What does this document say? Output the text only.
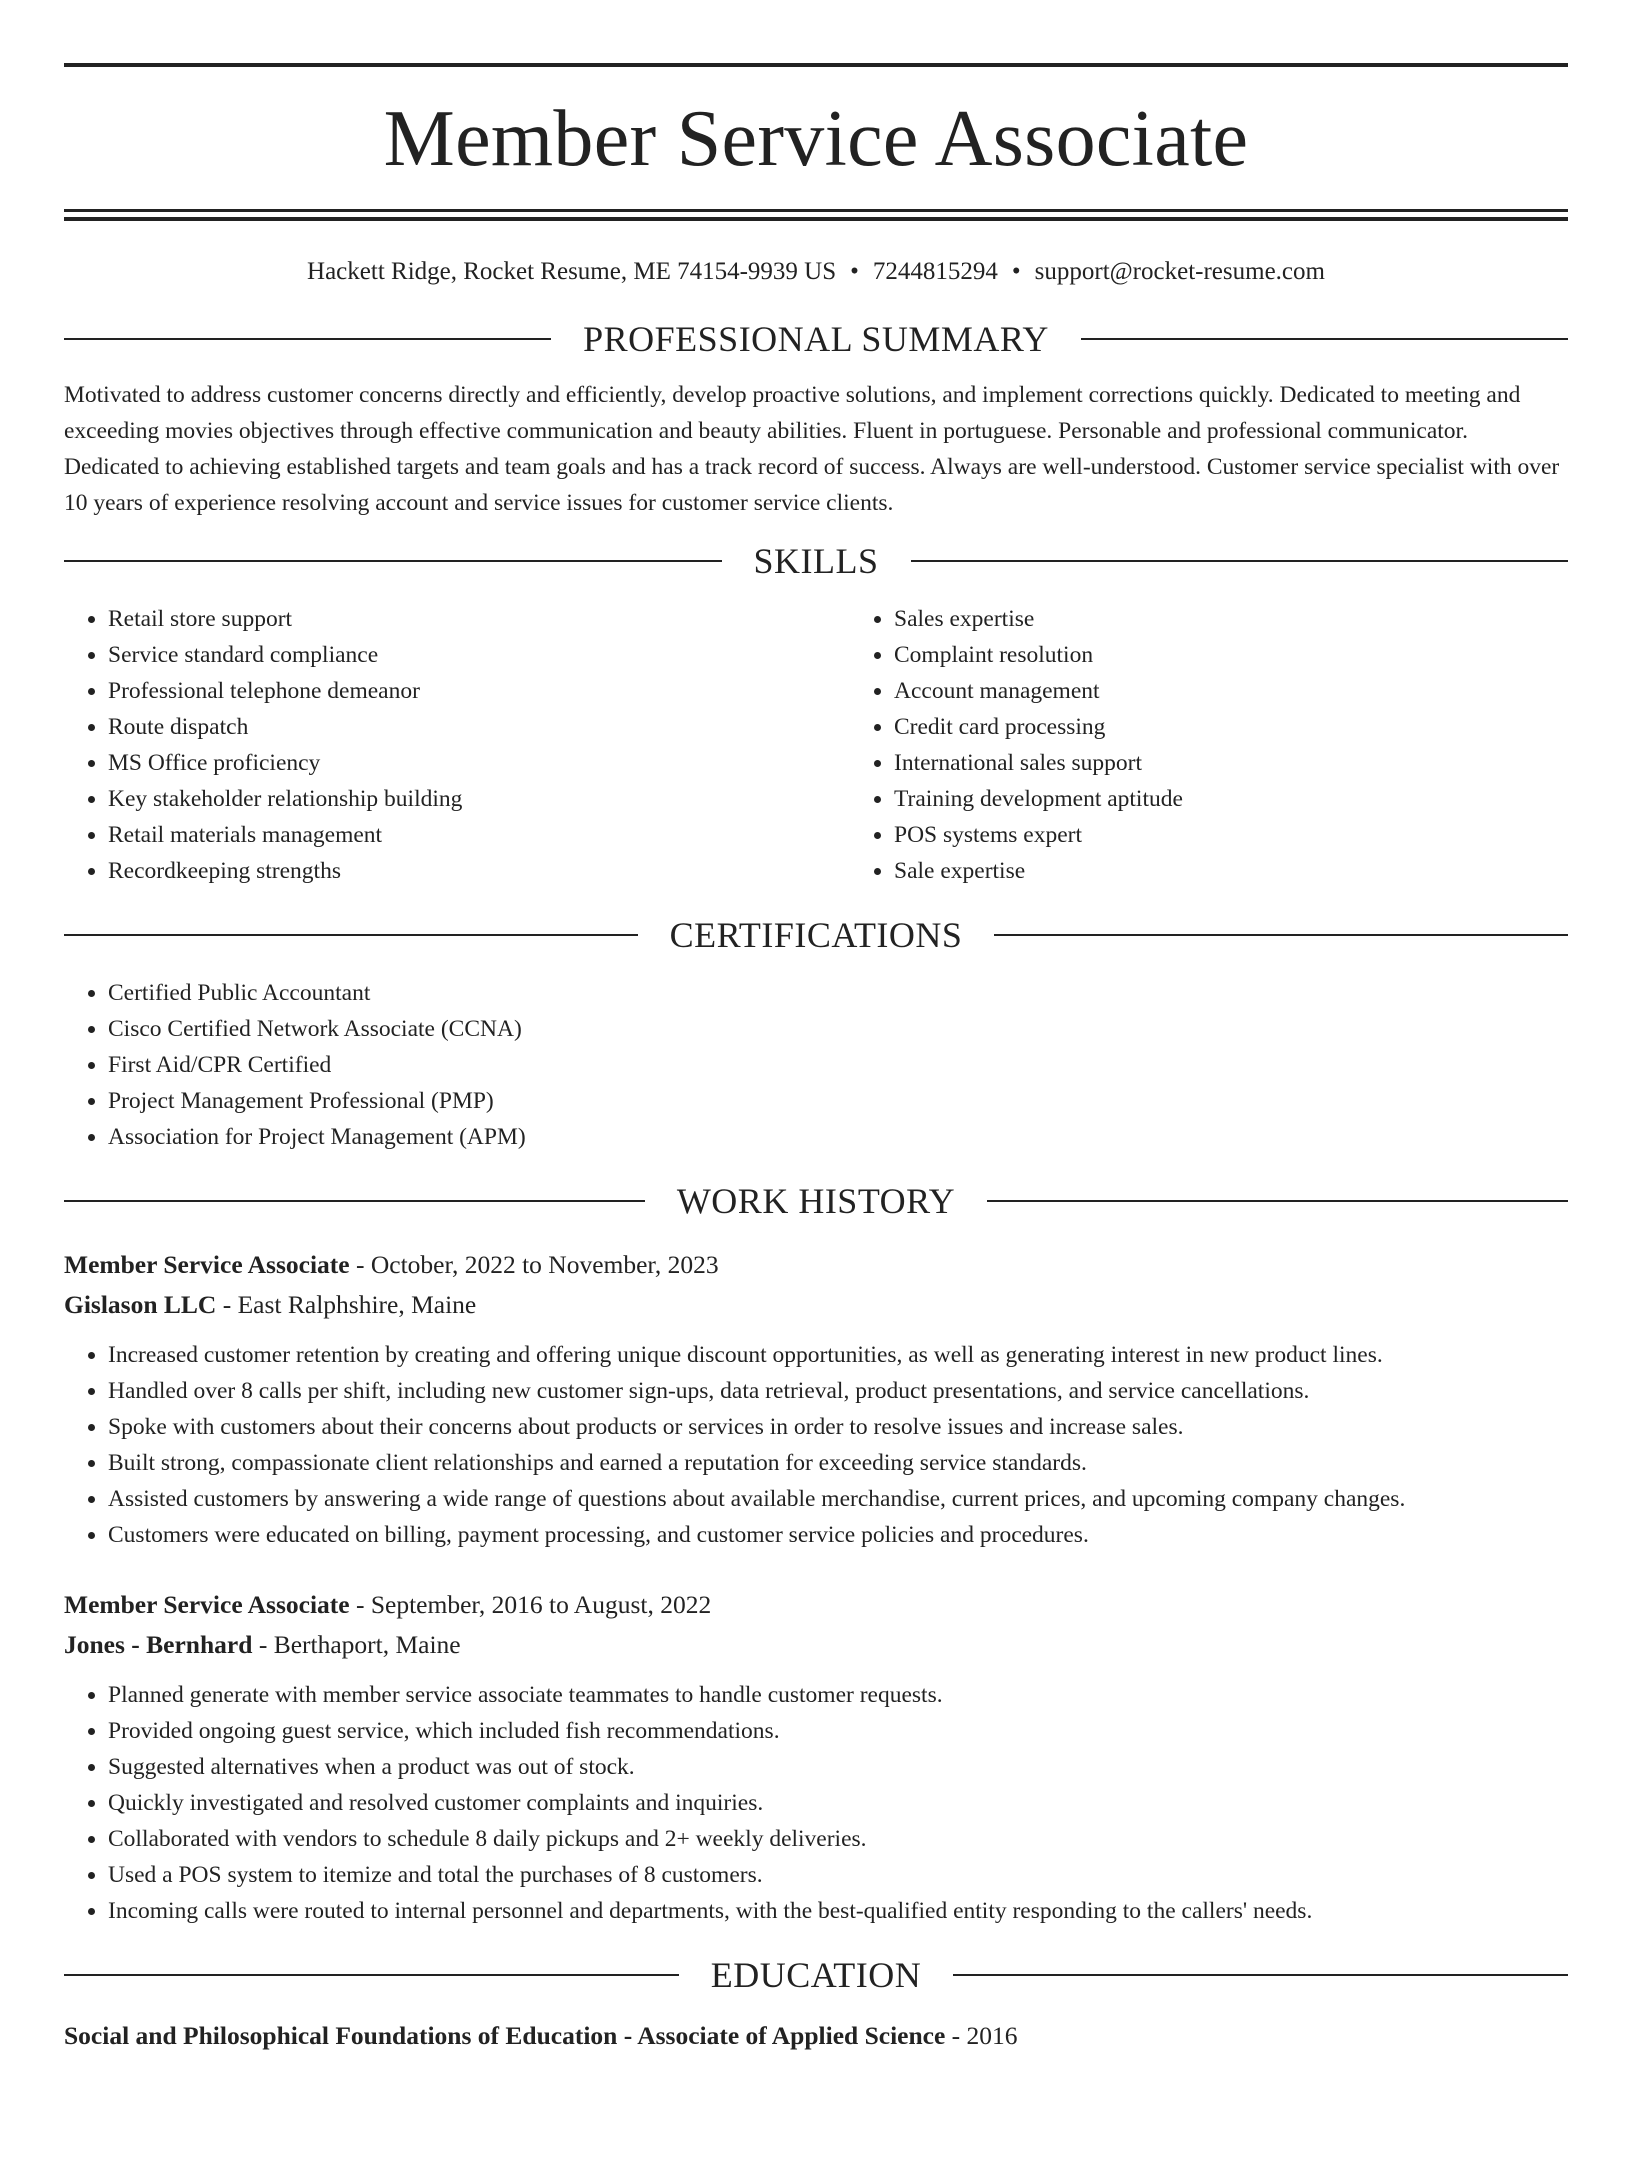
Member Service Associate
Hackett Ridge, Rocket Resume, ME 74154-9939 US • 7244815294 • support@rocket-resume.com
PROFESSIONAL SUMMARY

Motivated to address customer concerns directly and efficiently, develop proactive solutions, and implement corrections quickly. Dedicated to meeting and exceeding movies objectives through effective communication and beauty abilities. Fluent in portuguese. Personable and professional communicator. Dedicated to achieving established targets and team goals and has a track record of success. Always are well-understood. Customer service specialist with over 10 years of experience resolving account and service issues for customer service clients.

SKILLS
• Retail store support
• Service standard compliance
• Professional telephone demeanor
• Route dispatch
• MS Office proficiency
• Key stakeholder relationship building
• Retail materials management
• Recordkeeping strengths
• Sales expertise
• Complaint resolution
• Account management
• Credit card processing
• International sales support
• Training development aptitude
• POS systems expert
• Sale expertise
CERTIFICATIONS
• Certified Public Accountant
• Cisco Certified Network Associate (CCNA)
• First Aid/CPR Certified
• Project Management Professional (PMP)
• Association for Project Management (APM)
WORK HISTORY
Member Service Associate - October, 2022 to November, 2023
Gislason LLC - East Ralphshire, Maine
• Increased customer retention by creating and offering unique discount opportunities, as well as generating interest in new product lines.
• Handled over 8 calls per shift, including new customer sign-ups, data retrieval, product presentations, and service cancellations.
• Spoke with customers about their concerns about products or services in order to resolve issues and increase sales.
• Built strong, compassionate client relationships and earned a reputation for exceeding service standards.
• Assisted customers by answering a wide range of questions about available merchandise, current prices, and upcoming company changes.
• Customers were educated on billing, payment processing, and customer service policies and procedures.
Member Service Associate - September, 2016 to August, 2022
Jones - Bernhard - Berthaport, Maine
• Planned generate with member service associate teammates to handle customer requests.
• Provided ongoing guest service, which included fish recommendations.
• Suggested alternatives when a product was out of stock.
• Quickly investigated and resolved customer complaints and inquiries.
• Collaborated with vendors to schedule 8 daily pickups and 2+ weekly deliveries.
• Used a POS system to itemize and total the purchases of 8 customers.
• Incoming calls were routed to internal personnel and departments, with the best-qualified entity responding to the callers' needs.
EDUCATION
Social and Philosophical Foundations of Education - Associate of Applied Science - 2016
